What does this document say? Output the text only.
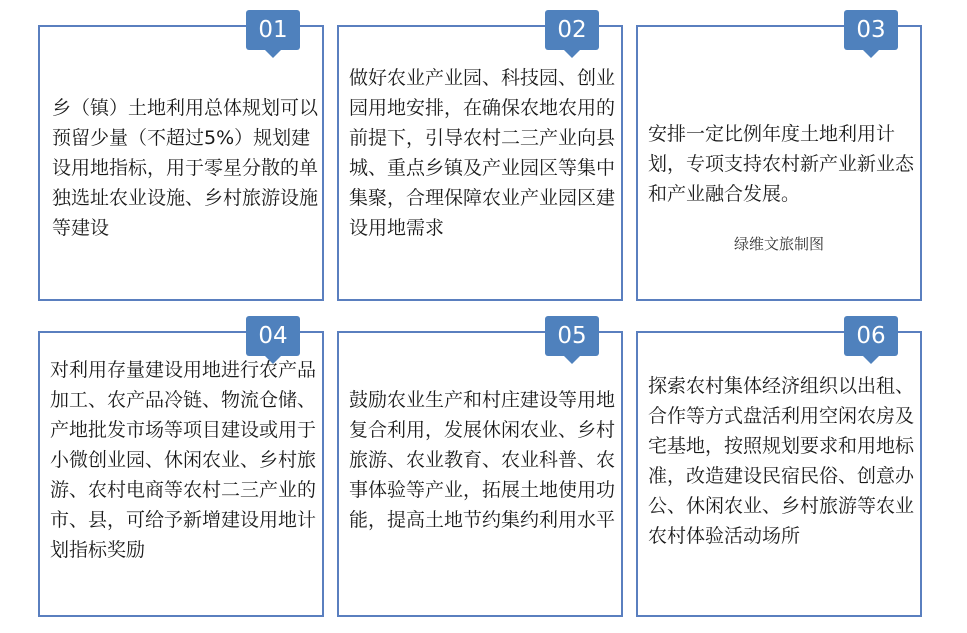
01
乡（镇）土地利用总体规划可以预留少量（不超过5%）规划建设用地指标，用于零星分散的单独选址农业设施、乡村旅游设施等建设
02
做好农业产业园、科技园、创业园用地安排，在确保农地农用的前提下，引导农村二三产业向县城、重点乡镇及产业园区等集中集聚，合理保障农业产业园区建设用地需求
03
安排一定比例年度土地利用计划，专项支持农村新产业新业态和产业融合发展。
绿维文旅制图
04
对利用存量建设用地进行农产品加工、农产品冷链、物流仓储、产地批发市场等项目建设或用于小微创业园、休闲农业、乡村旅游、农村电商等农村二三产业的市、县，可给予新增建设用地计划指标奖励
05
鼓励农业生产和村庄建设等用地复合利用，发展休闲农业、乡村旅游、农业教育、农业科普、农事体验等产业，拓展土地使用功能，提高土地节约集约利用水平
06
探索农村集体经济组织以出租、合作等方式盘活利用空闲农房及宅基地，按照规划要求和用地标准，改造建设民宿民俗、创意办公、休闲农业、乡村旅游等农业农村体验活动场所
